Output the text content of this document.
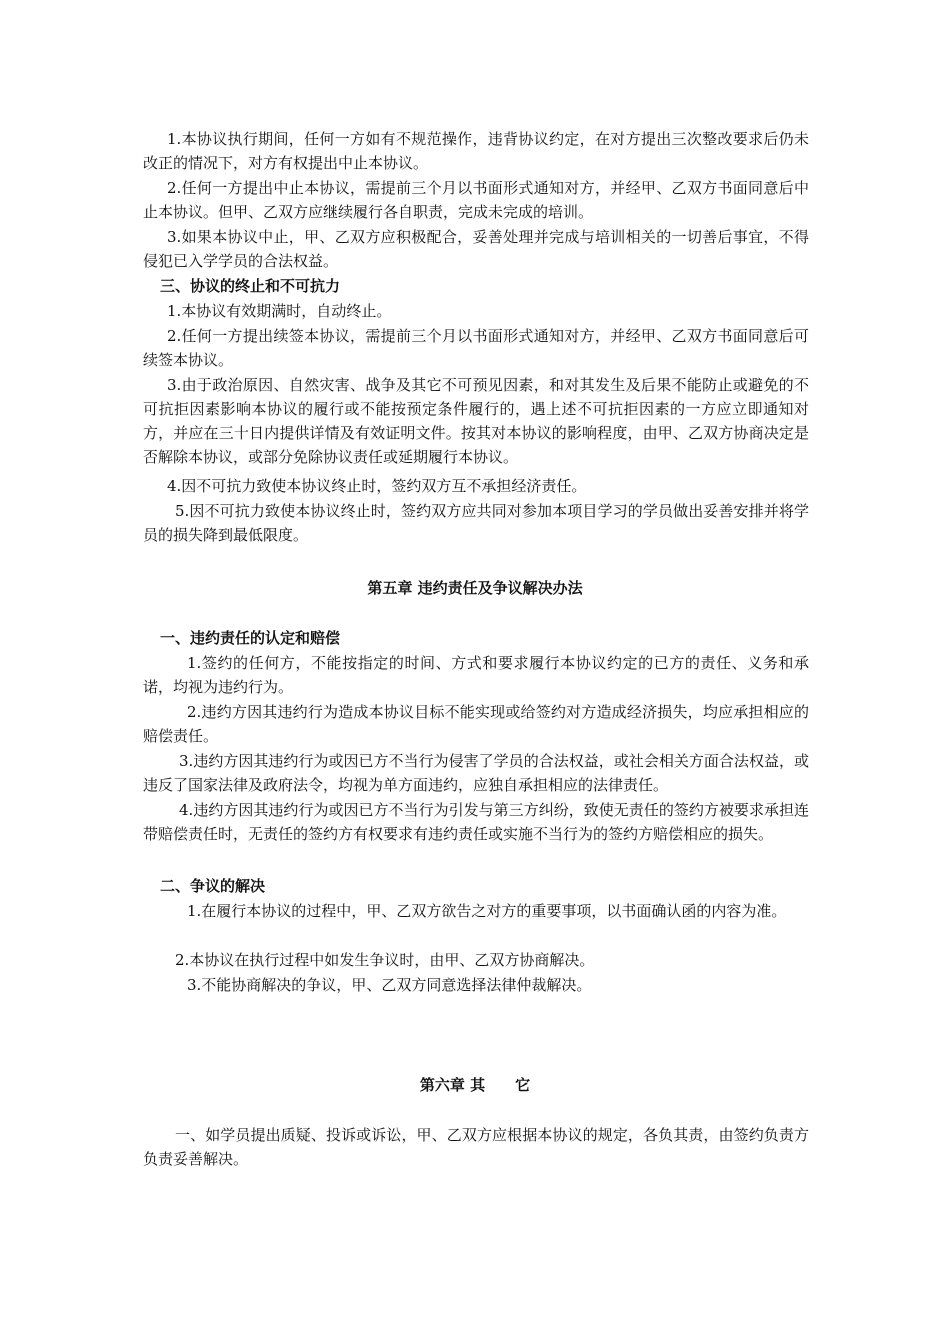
1.本协议执行期间，任何一方如有不规范操作，违背协议约定，在对方提出三次整改要求后仍未改正的情况下，对方有权提出中止本协议。

2.任何一方提出中止本协议，需提前三个月以书面形式通知对方，并经甲、乙双方书面同意后中止本协议。但甲、乙双方应继续履行各自职责，完成未完成的培训。

3.如果本协议中止，甲、乙双方应积极配合，妥善处理并完成与培训相关的一切善后事宜，不得侵犯已入学学员的合法权益。

三、协议的终止和不可抗力

1.本协议有效期满时，自动终止。

2.任何一方提出续签本协议，需提前三个月以书面形式通知对方，并经甲、乙双方书面同意后可续签本协议。

3.由于政治原因、自然灾害、战争及其它不可预见因素，和对其发生及后果不能防止或避免的不可抗拒因素影响本协议的履行或不能按预定条件履行的，遇上述不可抗拒因素的一方应立即通知对方，并应在三十日内提供详情及有效证明文件。按其对本协议的影响程度，由甲、乙双方协商决定是否解除本协议，或部分免除协议责任或延期履行本协议。

4.因不可抗力致使本协议终止时，签约双方互不承担经济责任。

5.因不可抗力致使本协议终止时，签约双方应共同对参加本项目学习的学员做出妥善安排并将学员的损失降到最低限度。

第五章 违约责任及争议解决办法

一、违约责任的认定和赔偿

1.签约的任何方，不能按指定的时间、方式和要求履行本协议约定的已方的责任、义务和承诺，均视为违约行为。

2.违约方因其违约行为造成本协议目标不能实现或给签约对方造成经济损失，均应承担相应的赔偿责任。

3.违约方因其违约行为或因已方不当行为侵害了学员的合法权益，或社会相关方面合法权益，或违反了国家法律及政府法令，均视为单方面违约，应独自承担相应的法律责任。

4.违约方因其违约行为或因已方不当行为引发与第三方纠纷，致使无责任的签约方被要求承担连带赔偿责任时，无责任的签约方有权要求有违约责任或实施不当行为的签约方赔偿相应的损失。

二、争议的解决

1.在履行本协议的过程中，甲、乙双方欲告之对方的重要事项，以书面确认函的内容为准。

2.本协议在执行过程中如发生争议时，由甲、乙双方协商解决。

3.不能协商解决的争议，甲、乙双方同意选择法律仲裁解决。

第六章 其　　它

一、如学员提出质疑、投诉或诉讼，甲、乙双方应根据本协议的规定，各负其责，由签约负责方负责妥善解决。
